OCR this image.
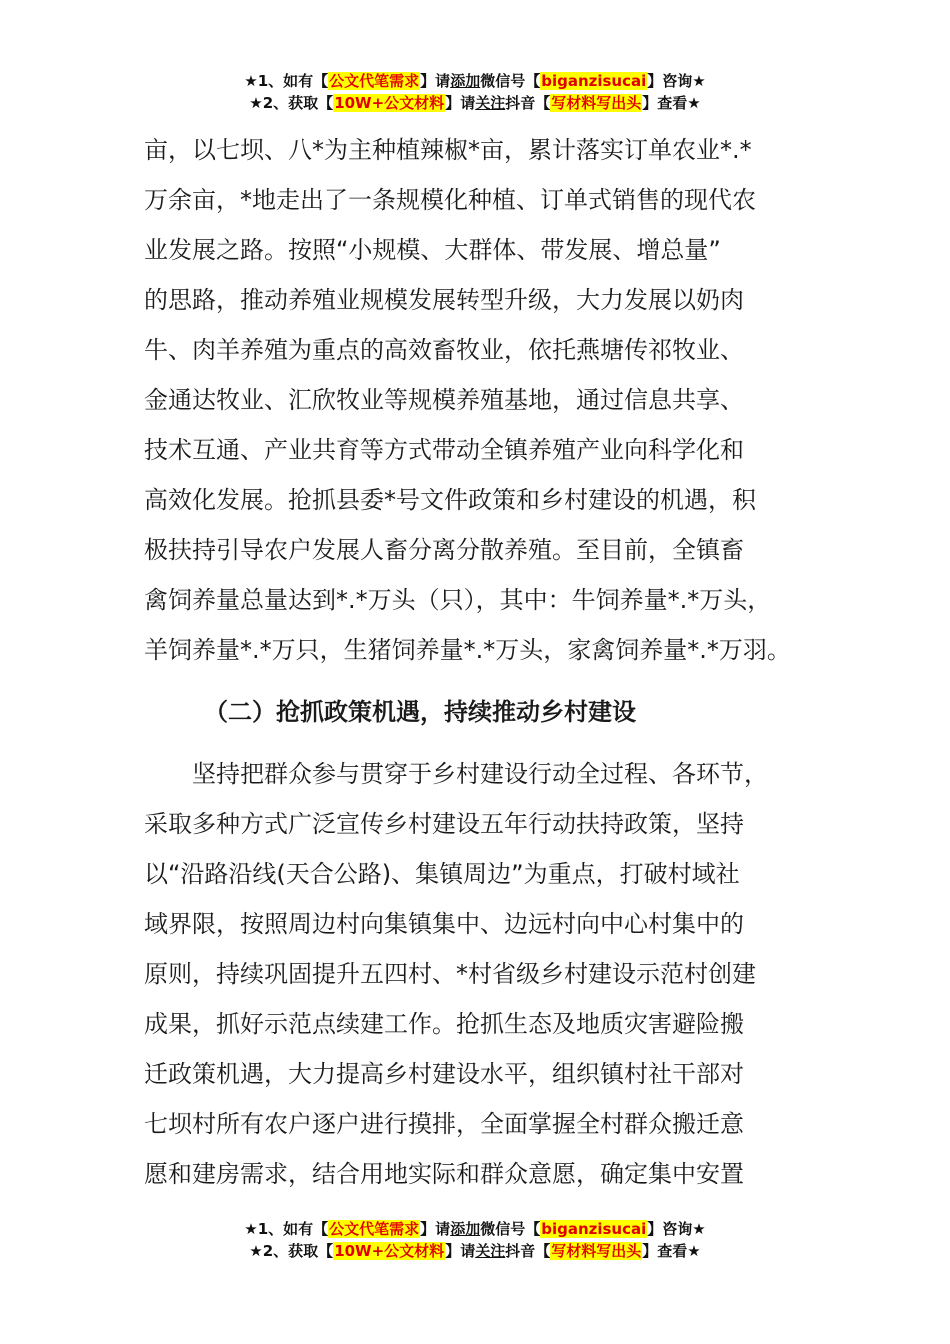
★1、如有【公文代笔需求】请添加微信号【biganzisucai】咨询★
★2、获取【10W+公文材料】请关注抖音【写材料写出头】查看★
亩，以七坝、八*为主种植辣椒*亩，累计落实订单农业*.*
万余亩，*地走出了一条规模化种植、订单式销售的现代农
业发展之路。按照“小规模、大群体、带发展、增总量”
的思路，推动养殖业规模发展转型升级，大力发展以奶肉
牛、肉羊养殖为重点的高效畜牧业，依托燕塘传祁牧业、
金通达牧业、汇欣牧业等规模养殖基地，通过信息共享、
技术互通、产业共育等方式带动全镇养殖产业向科学化和
高效化发展。抢抓县委*号文件政策和乡村建设的机遇，积
极扶持引导农户发展人畜分离分散养殖。至目前，全镇畜
禽饲养量总量达到*.*万头（只），其中：牛饲养量*.*万头，
羊饲养量*.*万只，生猪饲养量*.*万头，家禽饲养量*.*万羽。
（二）抢抓政策机遇，持续推动乡村建设
　　坚持把群众参与贯穿于乡村建设行动全过程、各环节，
采取多种方式广泛宣传乡村建设五年行动扶持政策，坚持
以“沿路沿线(天合公路)、集镇周边”为重点，打破村域社
域界限，按照周边村向集镇集中、边远村向中心村集中的
原则，持续巩固提升五四村、*村省级乡村建设示范村创建
成果，抓好示范点续建工作。抢抓生态及地质灾害避险搬
迁政策机遇，大力提高乡村建设水平，组织镇村社干部对
七坝村所有农户逐户进行摸排，全面掌握全村群众搬迁意
愿和建房需求，结合用地实际和群众意愿，确定集中安置
★1、如有【公文代笔需求】请添加微信号【biganzisucai】咨询★
★2、获取【10W+公文材料】请关注抖音【写材料写出头】查看★
